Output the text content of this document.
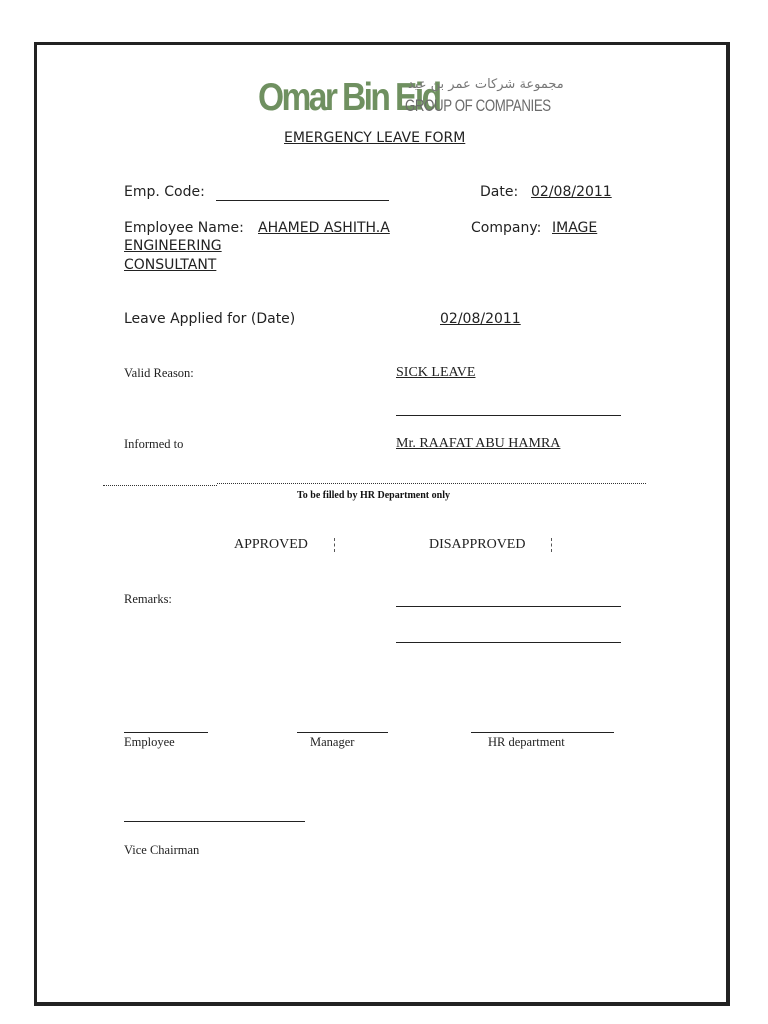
Omar Bin Eid
مجموعة شركات عمر بن عيد
GROUP OF COMPANIES
EMERGENCY LEAVE FORM
Emp. Code:	Date: 02/08/2011
Employee Name: AHAMED ASHITH.A	Company: IMAGE
ENGINEERING
CONSULTANT
Leave Applied for (Date)	02/08/2011
Valid Reason:	SICK LEAVE
Informed to	Mr. RAAFAT ABU HAMRA
To be filled by HR Department only
APPROVED	DISAPPROVED
Remarks:
Employee	Manager	HR department
Vice Chairman
